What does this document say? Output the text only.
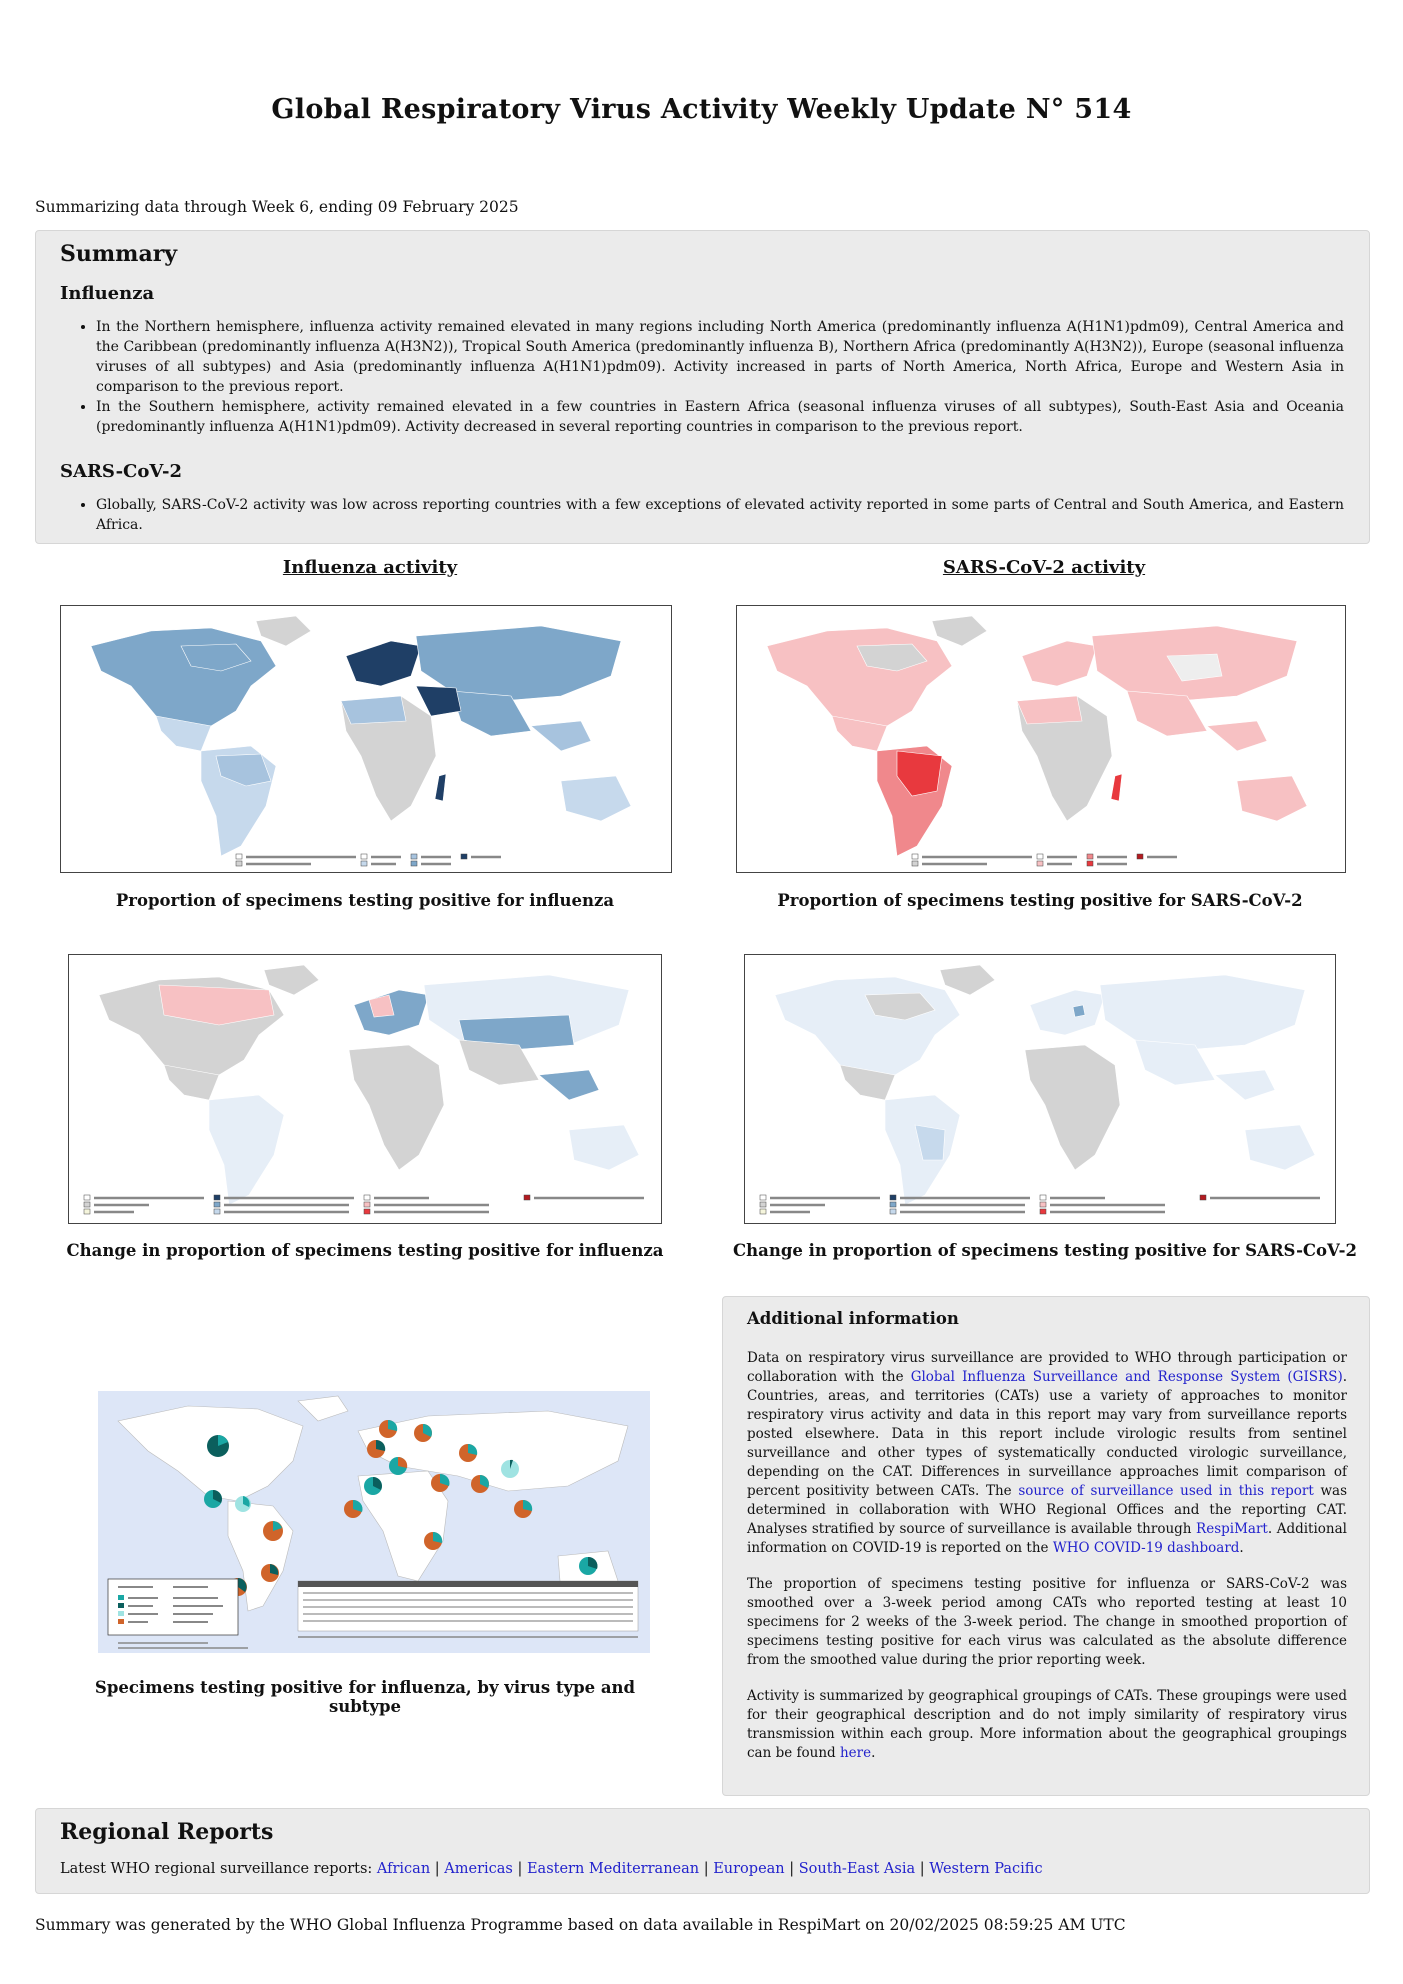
Global Respiratory Virus Activity Weekly Update N° 514
Summarizing data through Week 6, ending 09 February 2025
Summary
Influenza
• In the Northern hemisphere, influenza activity remained elevated in many regions including North America (predominantly influenza A(H1N1)pdm09), Central America and the Caribbean (predominantly influenza A(H3N2)), Tropical South America (predominantly influenza B), Northern Africa (predominantly A(H3N2)), Europe (seasonal influenza viruses of all subtypes) and Asia (predominantly influenza A(H1N1)pdm09). Activity increased in parts of North America, North Africa, Europe and Western Asia in comparison to the previous report.
• In the Southern hemisphere, activity remained elevated in a few countries in Eastern Africa (seasonal influenza viruses of all subtypes), South-East Asia and Oceania (predominantly influenza A(H1N1)pdm09). Activity decreased in several reporting countries in comparison to the previous report.
SARS-CoV-2
• Globally, SARS-CoV-2 activity was low across reporting countries with a few exceptions of elevated activity reported in some parts of Central and South America, and Eastern Africa.
Influenza activity	SARS-CoV-2 activity
Proportion of specimens testing positive for influenza	Proportion of specimens testing positive for SARS-CoV-2
Change in proportion of specimens testing positive for influenza	Change in proportion of specimens testing positive for SARS-CoV-2
Specimens testing positive for influenza, by virus type and subtype
Additional information

Data on respiratory virus surveillance are provided to WHO through participation or collaboration with the Global Influenza Surveillance and Response System (GISRS). Countries, areas, and territories (CATs) use a variety of approaches to monitor respiratory virus activity and data in this report may vary from surveillance reports posted elsewhere. Data in this report include virologic results from sentinel surveillance and other types of systematically conducted virologic surveillance, depending on the CAT. Differences in surveillance approaches limit comparison of percent positivity between CATs. The source of surveillance used in this report was determined in collaboration with WHO Regional Offices and the reporting CAT. Analyses stratified by source of surveillance is available through RespiMart. Additional information on COVID-19 is reported on the WHO COVID-19 dashboard.

The proportion of specimens testing positive for influenza or SARS-CoV-2 was smoothed over a 3-week period among CATs who reported testing at least 10 specimens for 2 weeks of the 3-week period. The change in smoothed proportion of specimens testing positive for each virus was calculated as the absolute difference from the smoothed value during the prior reporting week.

Activity is summarized by geographical groupings of CATs. These groupings were used for their geographical description and do not imply similarity of respiratory virus transmission within each group. More information about the geographical groupings can be found here.

Regional Reports
Latest WHO regional surveillance reports: African | Americas | Eastern Mediterranean | European | South-East Asia | Western Pacific
Summary was generated by the WHO Global Influenza Programme based on data available in RespiMart on 20/02/2025 08:59:25 AM UTC
